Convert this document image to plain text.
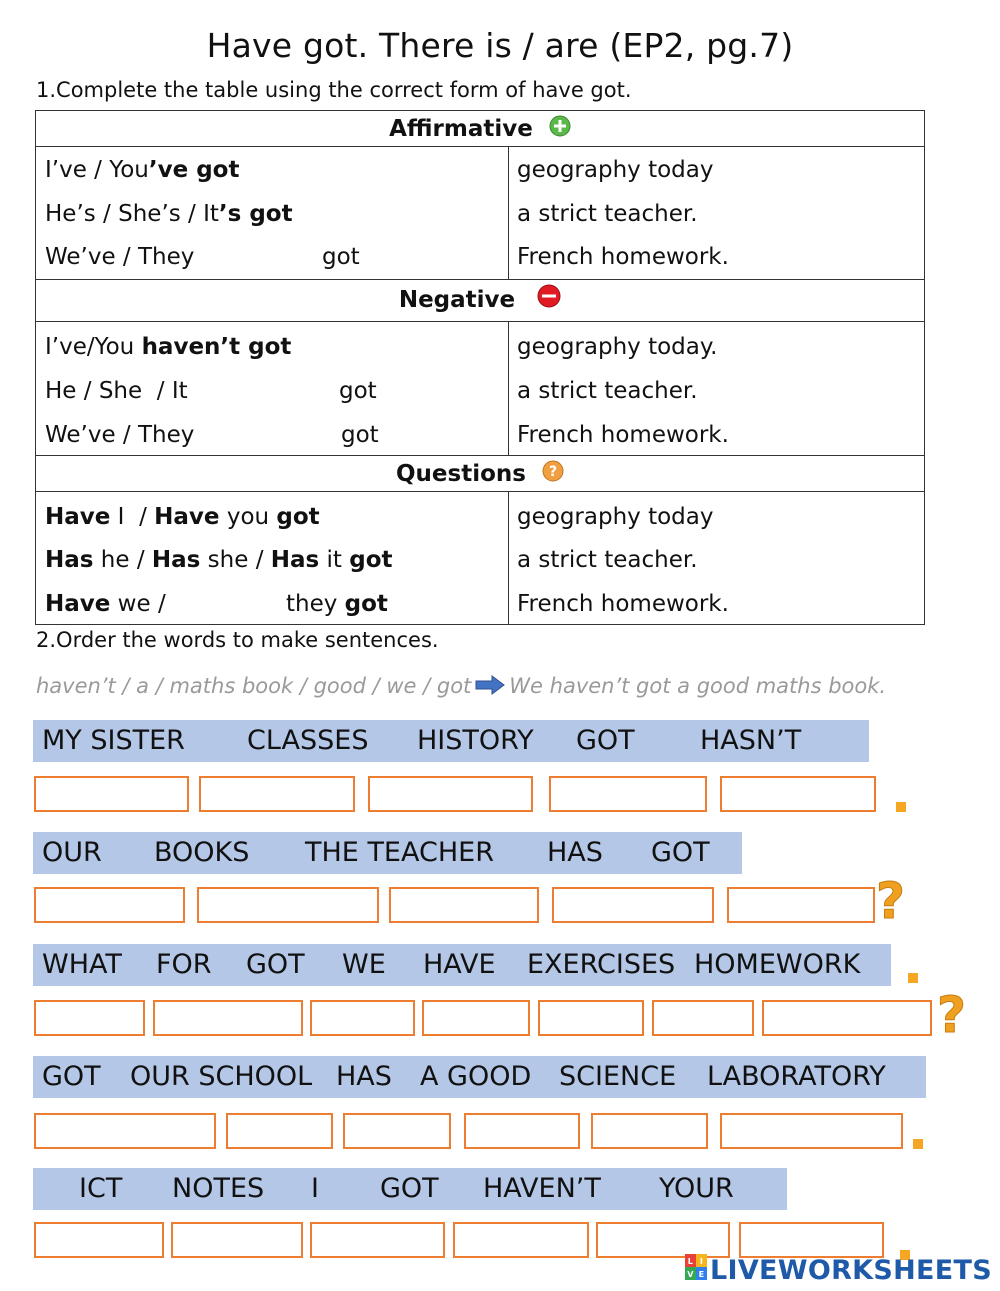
Have got. There is / are (EP2, pg.7)
1.Complete the table using the correct form of have got.
Affirmative
I’ve / You’ve got	geography today
He’s / She’s / It’s got	a strict teacher.
We’ve / They	got	French homework.
Negative
I’ve/You haven’t got	geography today.
He / She  / It	got	a strict teacher.
We’ve / They	got	French homework.
Questions ?
Have I  / Have you got	geography today
Has he / Has she / Has it got	a strict teacher.
Have we /	they got	French homework.
2.Order the words to make sentences.
haven’t / a / maths book / good / we / got We haven’t got a good maths book.
MY SISTER CLASSES HISTORY GOT HASN’T
OUR BOOKS THE TEACHER HAS GOT
?
WHAT FOR GOT WE HAVE EXERCISES HOMEWORK
?
GOT OUR SCHOOL HAS A GOOD SCIENCE LABORATORY
ICT NOTES I GOT HAVEN’T YOUR
L I
V E LIVEWORKSHEETS
